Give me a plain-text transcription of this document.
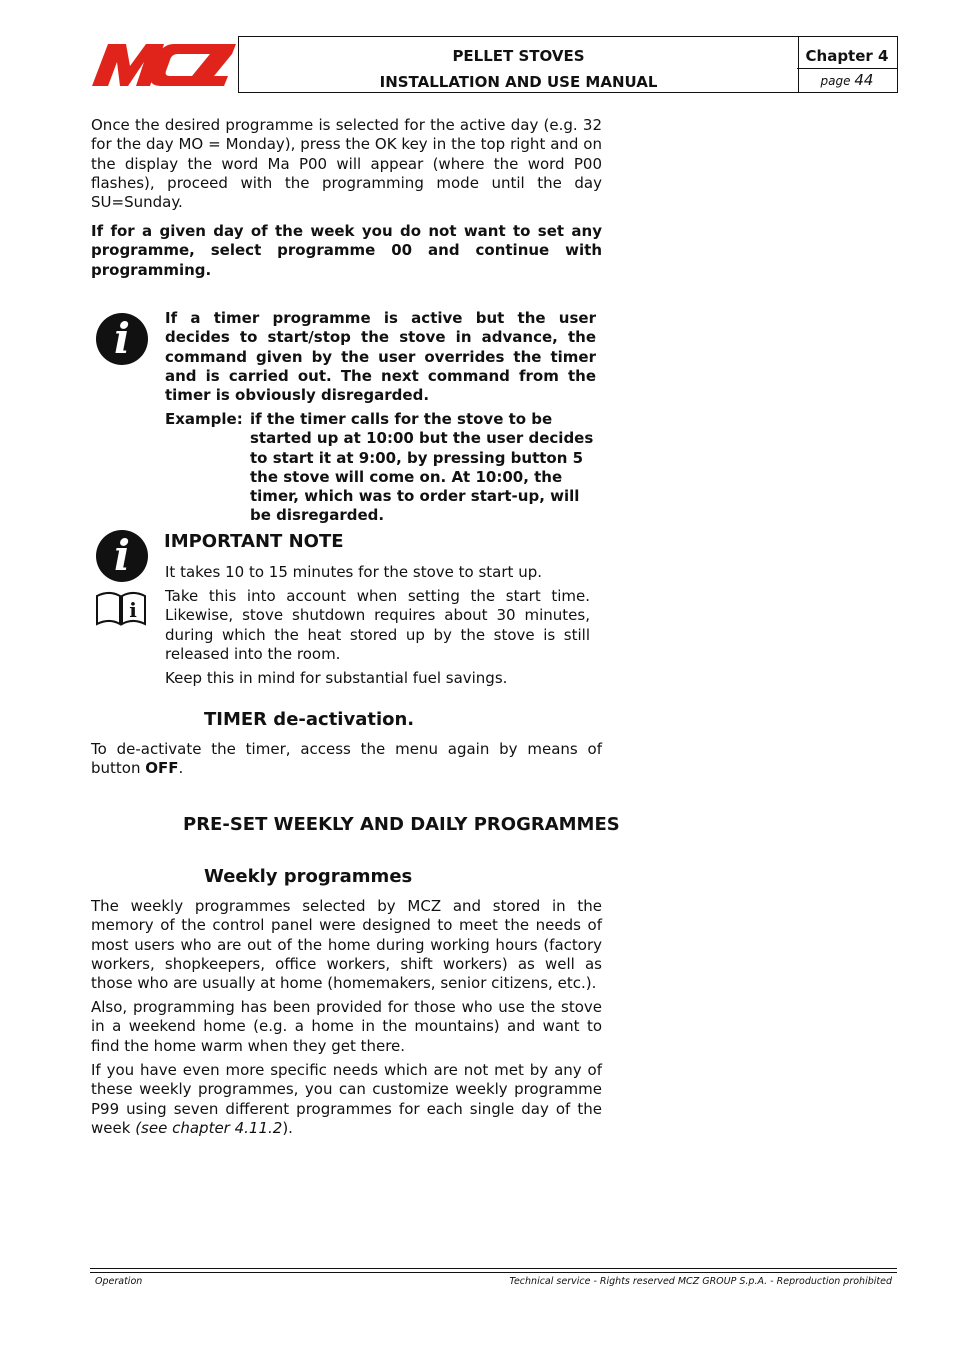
PELLET STOVES
INSTALLATION AND USE MANUAL
Chapter 4
page 44
Once the desired programme is selected for the active day (e.g. 32 for the day MO = Monday), press the OK key in the top right and on the display the word Ma P00 will appear (where the word P00 flashes), proceed with the programming mode until the day SU=Sunday.
If for a given day of the week you do not want to set any programme, select programme 00 and continue with programming.
i	If a timer programme is active but the user decides to start/stop the stove in advance, the command given by the user overrides the timer and is carried out. The next command from the timer is obviously disregarded.
Example: if the timer calls for the stove to be started up at 10:00 but the user decides to start it at 9:00, by pressing button 5 the stove will come on. At 10:00, the timer, which was to order start-up, will be disregarded.
i
i
IMPORTANT NOTE
It takes 10 to 15 minutes for the stove to start up.
Take this into account when setting the start time. Likewise, stove shutdown requires about 30 minutes, during which the heat stored up by the stove is still released into the room.
Keep this in mind for substantial fuel savings.
TIMER de-activation.
To de-activate the timer, access the menu again by means of button OFF.
PRE-SET WEEKLY AND DAILY PROGRAMMES
Weekly programmes
The weekly programmes selected by MCZ and stored in the memory of the control panel were designed to meet the needs of most users who are out of the home during working hours (factory workers, shopkeepers, office workers, shift workers) as well as those who are usually at home (homemakers, senior citizens, etc.).
Also, programming has been provided for those who use the stove in a weekend home (e.g. a home in the mountains) and want to find the home warm when they get there.
If you have even more specific needs which are not met by any of these weekly programmes, you can customize weekly programme P99 using seven different programmes for each single day of the week (see chapter 4.11.2).
Operation	Technical service - Rights reserved MCZ GROUP S.p.A. - Reproduction prohibited
